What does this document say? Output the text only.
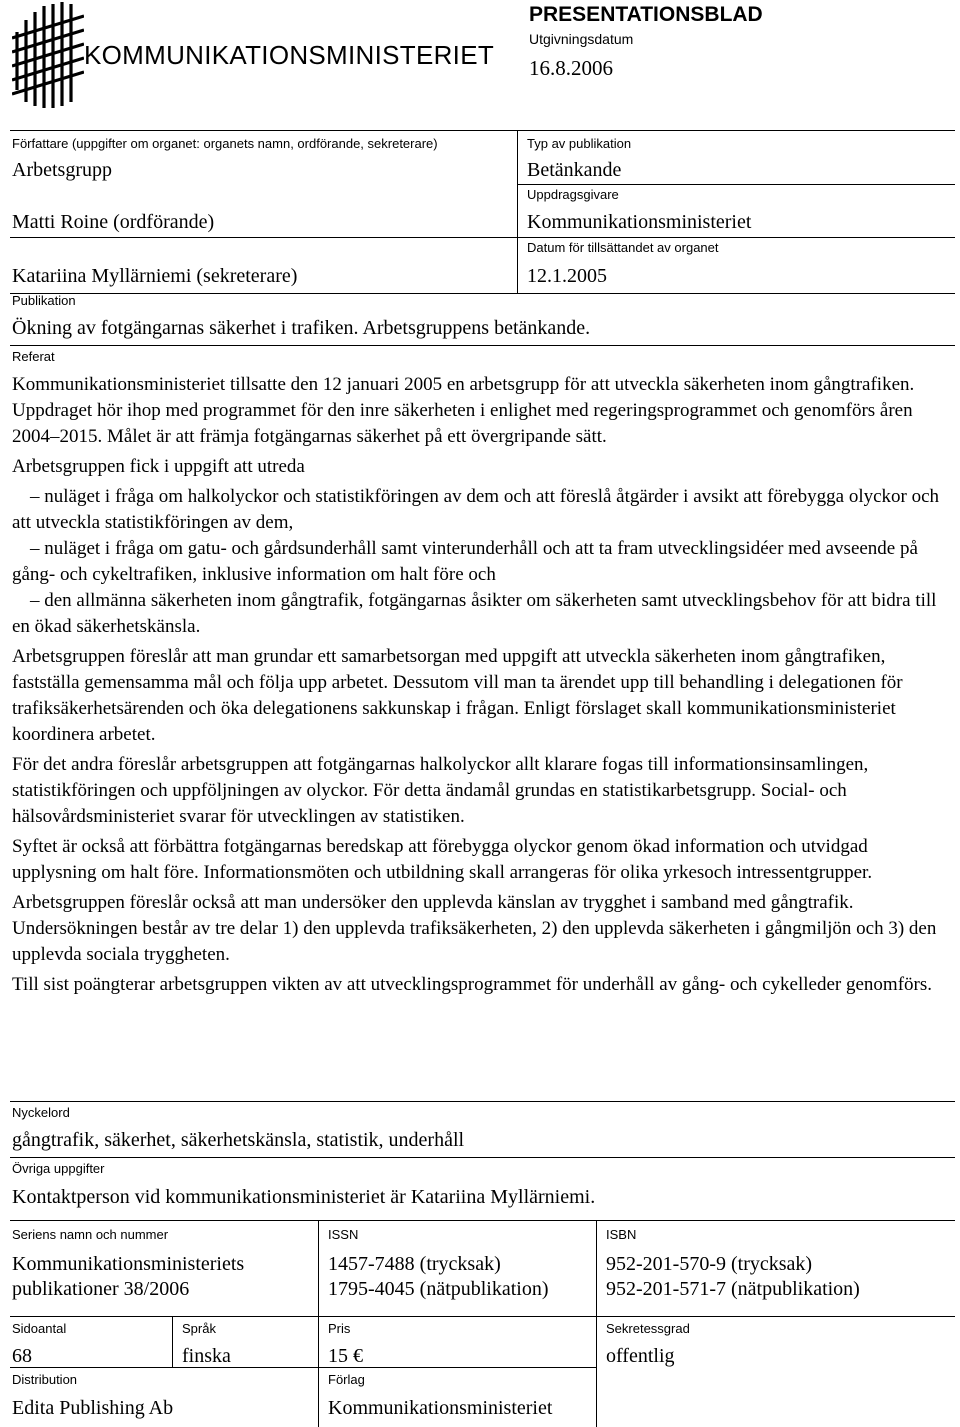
KOMMUNIKATIONSMINISTERIET
PRESENTATIONSBLAD
Utgivningsdatum
16.8.2006
Författare (uppgifter om organet: organets namn, ordförande, sekreterare)
Arbetsgrupp
Matti Roine (ordförande)
Katariina Myllärniemi (sekreterare)
Typ av publikation
Betänkande
Uppdragsgivare
Kommunikationsministeriet
Datum för tillsättandet av organet
12.1.2005
Publikation
Ökning av fotgängarnas säkerhet i trafiken. Arbetsgruppens betänkande.
Referat

Kommunikationsministeriet tillsatte den 12 januari 2005 en arbetsgrupp för att utveckla säkerheten inom gångtrafiken. Uppdraget hör ihop med programmet för den inre säkerheten i enlighet med regeringsprogrammet och genomförs åren 2004–2015. Målet är att främja fotgängarnas säkerhet på ett övergripande sätt.

Arbetsgruppen fick i uppgift att utreda

– nuläget i fråga om halkolyckor och statistikföringen av dem och att föreslå åtgärder i avsikt att förebygga olyckor och att utveckla statistikföringen av dem,

– nuläget i fråga om gatu- och gårdsunderhåll samt vinterunderhåll och att ta fram utvecklingsidéer med avseende på gång- och cykeltrafiken, inklusive information om halt före och

– den allmänna säkerheten inom gångtrafik, fotgängarnas åsikter om säkerheten samt utvecklingsbehov för att bidra till en ökad säkerhetskänsla.

Arbetsgruppen föreslår att man grundar ett samarbetsorgan med uppgift att utveckla säkerheten inom gångtrafiken, fastställa gemensamma mål och följa upp arbetet. Dessutom vill man ta ärendet upp till behandling i delegationen för trafiksäkerhetsärenden och öka delegationens sakkunskap i frågan. Enligt förslaget skall kommunikationsministeriet koordinera arbetet.

För det andra föreslår arbetsgruppen att fotgängarnas halkolyckor allt klarare fogas till informationsinsamlingen, statistikföringen och uppföljningen av olyckor. För detta ändamål grundas en statistikarbetsgrupp. Social- och hälsovårdsministeriet svarar för utvecklingen av statistiken.

Syftet är också att förbättra fotgängarnas beredskap att förebygga olyckor genom ökad information och utvidgad upplysning om halt före. Informationsmöten och utbildning skall arrangeras för olika yrkesoch intressentgrupper.

Arbetsgruppen föreslår också att man undersöker den upplevda känslan av trygghet i samband med gångtrafik. Undersökningen består av tre delar 1) den upplevda trafiksäkerheten, 2) den upplevda säkerheten i gångmiljön och 3) den upplevda sociala tryggheten.

Till sist poängterar arbetsgruppen vikten av att utvecklingsprogrammet för underhåll av gång- och cykelleder genomförs.

Nyckelord
gångtrafik, säkerhet, säkerhetskänsla, statistik, underhåll
Övriga uppgifter
Kontaktperson vid kommunikationsministeriet är Katariina Myllärniemi.
Seriens namn och nummer
Kommunikationsministeriets
publikationer 38/2006
ISSN
1457-7488 (trycksak)
1795-4045 (nätpublikation)
ISBN
952-201-570-9 (trycksak)
952-201-571-7 (nätpublikation)
Sidoantal
68
Språk
finska
Pris
15 €
Sekretessgrad
offentlig
Distribution
Edita Publishing Ab
Förlag
Kommunikationsministeriet
